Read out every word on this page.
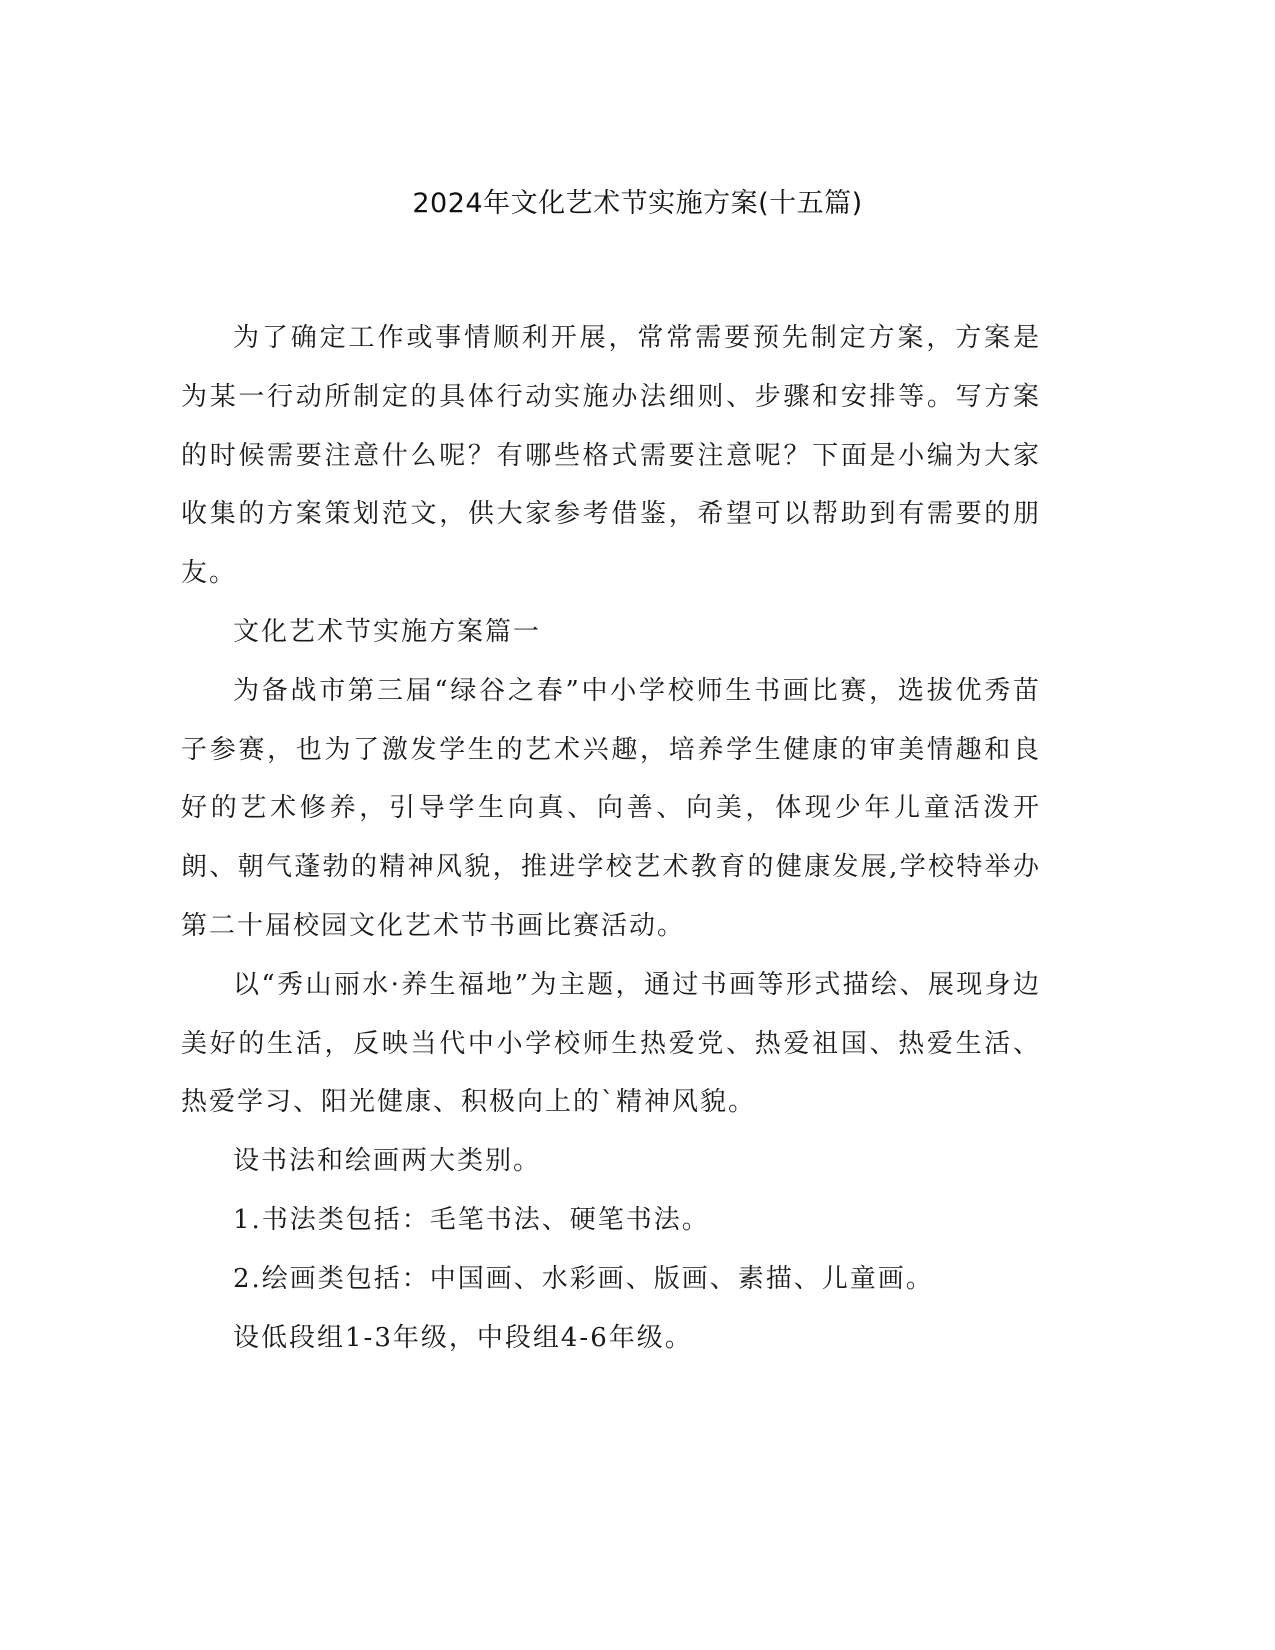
2024年文化艺术节实施方案(十五篇)

为了确定工作或事情顺利开展，常常需要预先制定方案，方案是为某一行动所制定的具体行动实施办法细则、步骤和安排等。写方案的时候需要注意什么呢？有哪些格式需要注意呢？下面是小编为大家收集的方案策划范文，供大家参考借鉴，希望可以帮助到有需要的朋友。

文化艺术节实施方案篇一

为备战市第三届“绿谷之春”中小学校师生书画比赛，选拔优秀苗子参赛，也为了激发学生的艺术兴趣，培养学生健康的审美情趣和良好的艺术修养，引导学生向真、向善、向美，体现少年儿童活泼开朗、朝气蓬勃的精神风貌，推进学校艺术教育的健康发展,学校特举办第二十届校园文化艺术节书画比赛活动。

以“秀山丽水·养生福地”为主题，通过书画等形式描绘、展现身边美好的生活，反映当代中小学校师生热爱党、热爱祖国、热爱生活、热爱学习、阳光健康、积极向上的`精神风貌。

设书法和绘画两大类别。

1.书法类包括：毛笔书法、硬笔书法。

2.绘画类包括：中国画、水彩画、版画、素描、儿童画。

设低段组1-3年级，中段组4-6年级。
